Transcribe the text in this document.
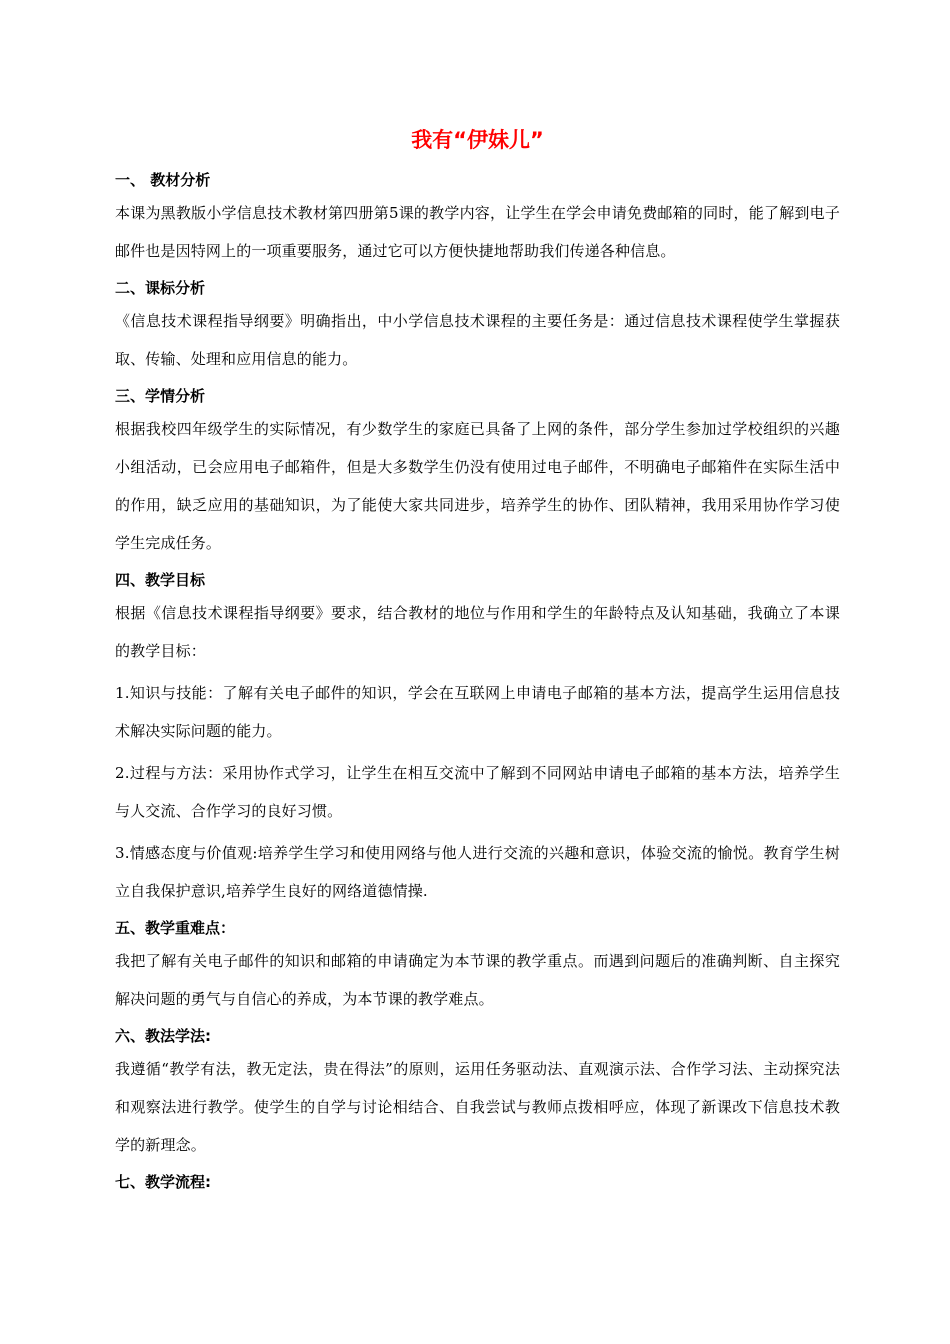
我有“伊妹儿”
一、 教材分析
本课为黑教版小学信息技术教材第四册第5课的教学内容，让学生在学会申请免费邮箱的同时，能了解到电子邮件也是因特网上的一项重要服务，通过它可以方便快捷地帮助我们传递各种信息。
二、课标分析
《信息技术课程指导纲要》明确指出，中小学信息技术课程的主要任务是：通过信息技术课程使学生掌握获取、传输、处理和应用信息的能力。
三、学情分析
根据我校四年级学生的实际情况，有少数学生的家庭已具备了上网的条件，部分学生参加过学校组织的兴趣小组活动，已会应用电子邮箱件，但是大多数学生仍没有使用过电子邮件，不明确电子邮箱件在实际生活中的作用，缺乏应用的基础知识，为了能使大家共同进步，培养学生的协作、团队精神，我用采用协作学习使学生完成任务。
四、教学目标
根据《信息技术课程指导纲要》要求，结合教材的地位与作用和学生的年龄特点及认知基础，我确立了本课的教学目标：
1.知识与技能：了解有关电子邮件的知识，学会在互联网上申请电子邮箱的基本方法，提高学生运用信息技术解决实际问题的能力。
2.过程与方法：采用协作式学习，让学生在相互交流中了解到不同网站申请电子邮箱的基本方法，培养学生与人交流、合作学习的良好习惯。
3.情感态度与价值观:培养学生学习和使用网络与他人进行交流的兴趣和意识，体验交流的愉悦。教育学生树立自我保护意识,培养学生良好的网络道德情操.
五、教学重难点：
我把了解有关电子邮件的知识和邮箱的申请确定为本节课的教学重点。而遇到问题后的准确判断、自主探究解决问题的勇气与自信心的养成，为本节课的教学难点。
六、教法学法:
我遵循“教学有法，教无定法，贵在得法”的原则，运用任务驱动法、直观演示法、合作学习法、主动探究法和观察法进行教学。使学生的自学与讨论相结合、自我尝试与教师点拨相呼应，体现了新课改下信息技术教学的新理念。
七、教学流程:
